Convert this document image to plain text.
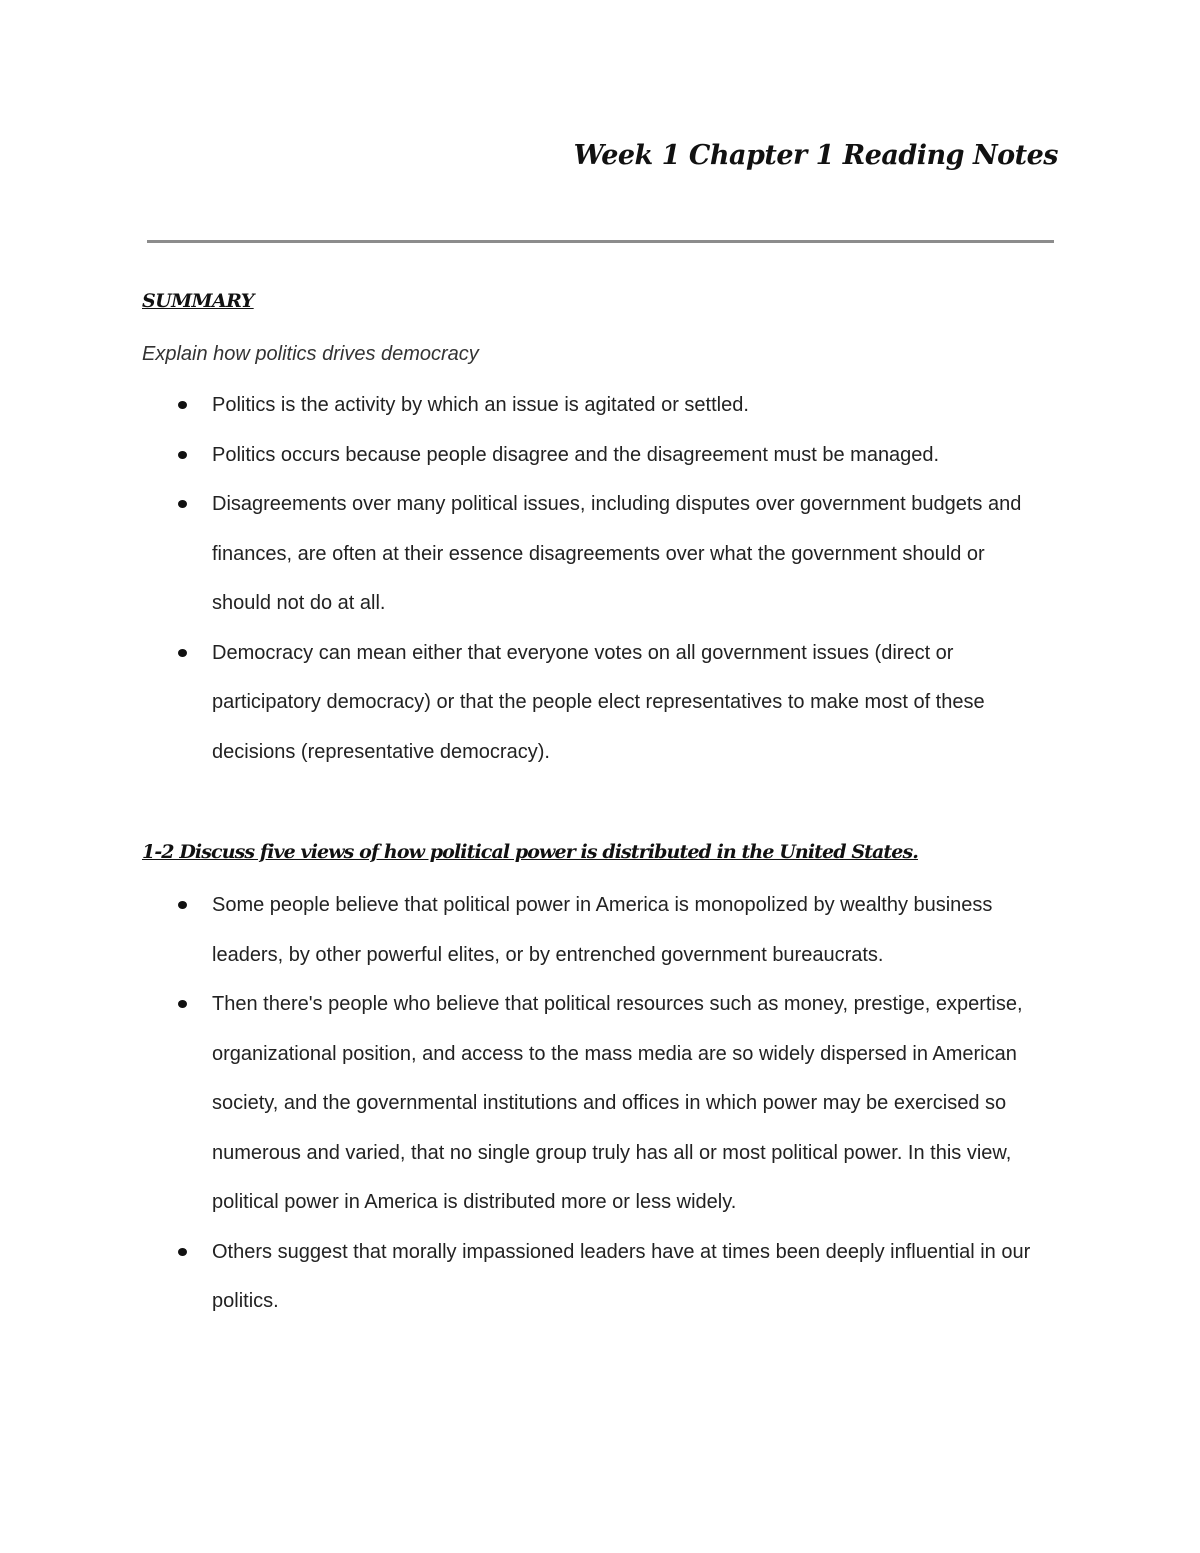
Week 1 Chapter 1 Reading Notes
SUMMARY
Explain how politics drives democracy
Politics is the activity by which an issue is agitated or settled.
Politics occurs because people disagree and the disagreement must be managed.
Disagreements over many political issues, including disputes over government budgets and finances, are often at their essence disagreements over what the government should or should not do at all.
Democracy can mean either that everyone votes on all government issues (direct or participatory democracy) or that the people elect representatives to make most of these decisions (representative democracy).
1-2 Discuss five views of how political power is distributed in the United States.
Some people believe that political power in America is monopolized by wealthy business leaders, by other powerful elites, or by entrenched government bureaucrats.
Then there's people who believe that political resources such as money, prestige, expertise, organizational position, and access to the mass media are so widely dispersed in American society, and the governmental institutions and offices in which power may be exercised so numerous and varied, that no single group truly has all or most political power. In this view, political power in America is distributed more or less widely.
Others suggest that morally impassioned leaders have at times been deeply influential in our politics.
